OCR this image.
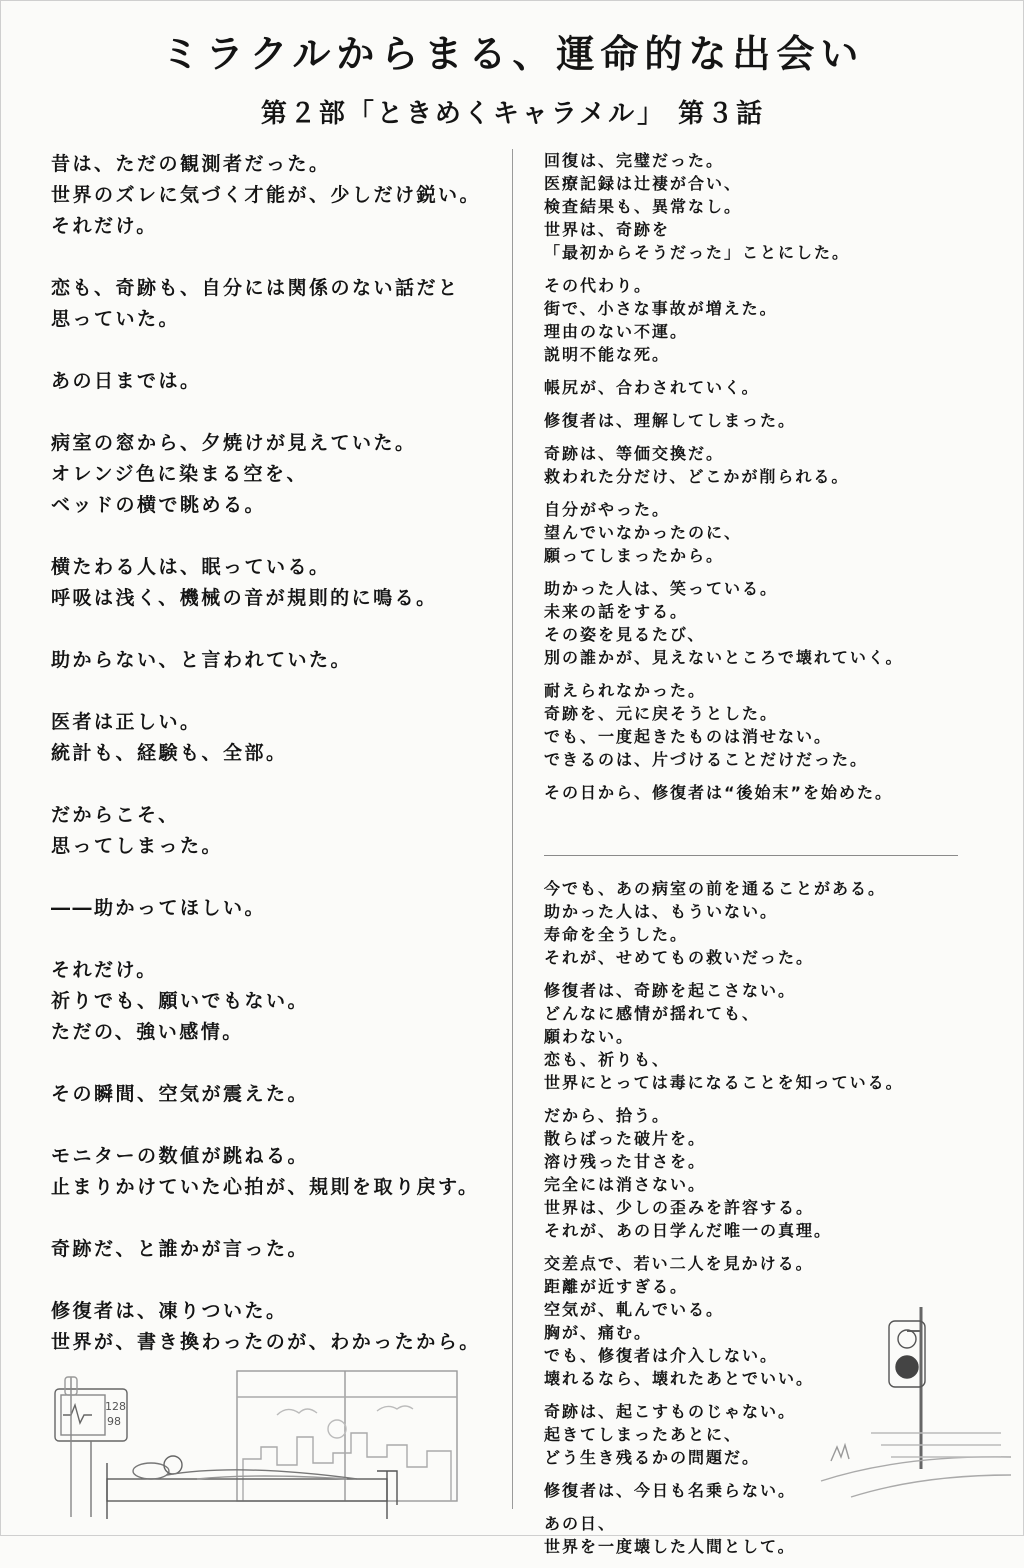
ミラクルからまる、運命的な出会い
第２部「ときめくキャラメル」 第３話
昔は、ただの観測者だった。
世界のズレに気づく才能が、少しだけ鋭い。
それだけ。
恋も、奇跡も、自分には関係のない話だと
思っていた。
あの日までは。
病室の窓から、夕焼けが見えていた。
オレンジ色に染まる空を、
ベッドの横で眺める。
横たわる人は、眠っている。
呼吸は浅く、機械の音が規則的に鳴る。
助からない、と言われていた。
医者は正しい。
統計も、経験も、全部。
だからこそ、
思ってしまった。
――助かってほしい。
それだけ。
祈りでも、願いでもない。
ただの、強い感情。
その瞬間、空気が震えた。
モニターの数値が跳ねる。
止まりかけていた心拍が、規則を取り戻す。
奇跡だ、と誰かが言った。
修復者は、凍りついた。
世界が、書き換わったのが、わかったから。
回復は、完璧だった。
医療記録は辻褄が合い、
検査結果も、異常なし。
世界は、奇跡を
「最初からそうだった」ことにした。
その代わり。
街で、小さな事故が増えた。
理由のない不運。
説明不能な死。
帳尻が、合わされていく。
修復者は、理解してしまった。
奇跡は、等価交換だ。
救われた分だけ、どこかが削られる。
自分がやった。
望んでいなかったのに、
願ってしまったから。
助かった人は、笑っている。
未来の話をする。
その姿を見るたび、
別の誰かが、見えないところで壊れていく。
耐えられなかった。
奇跡を、元に戻そうとした。
でも、一度起きたものは消せない。
できるのは、片づけることだけだった。
その日から、修復者は“後始末”を始めた。
今でも、あの病室の前を通ることがある。
助かった人は、もういない。
寿命を全うした。
それが、せめてもの救いだった。
修復者は、奇跡を起こさない。
どんなに感情が揺れても、
願わない。
恋も、祈りも、
世界にとっては毒になることを知っている。
だから、拾う。
散らばった破片を。
溶け残った甘さを。
完全には消さない。
世界は、少しの歪みを許容する。
それが、あの日学んだ唯一の真理。
交差点で、若い二人を見かける。
距離が近すぎる。
空気が、軋んでいる。
胸が、痛む。
でも、修復者は介入しない。
壊れるなら、壊れたあとでいい。
奇跡は、起こすものじゃない。
起きてしまったあとに、
どう生き残るかの問題だ。
修復者は、今日も名乗らない。
あの日、
世界を一度壊した人間として。
128
98
